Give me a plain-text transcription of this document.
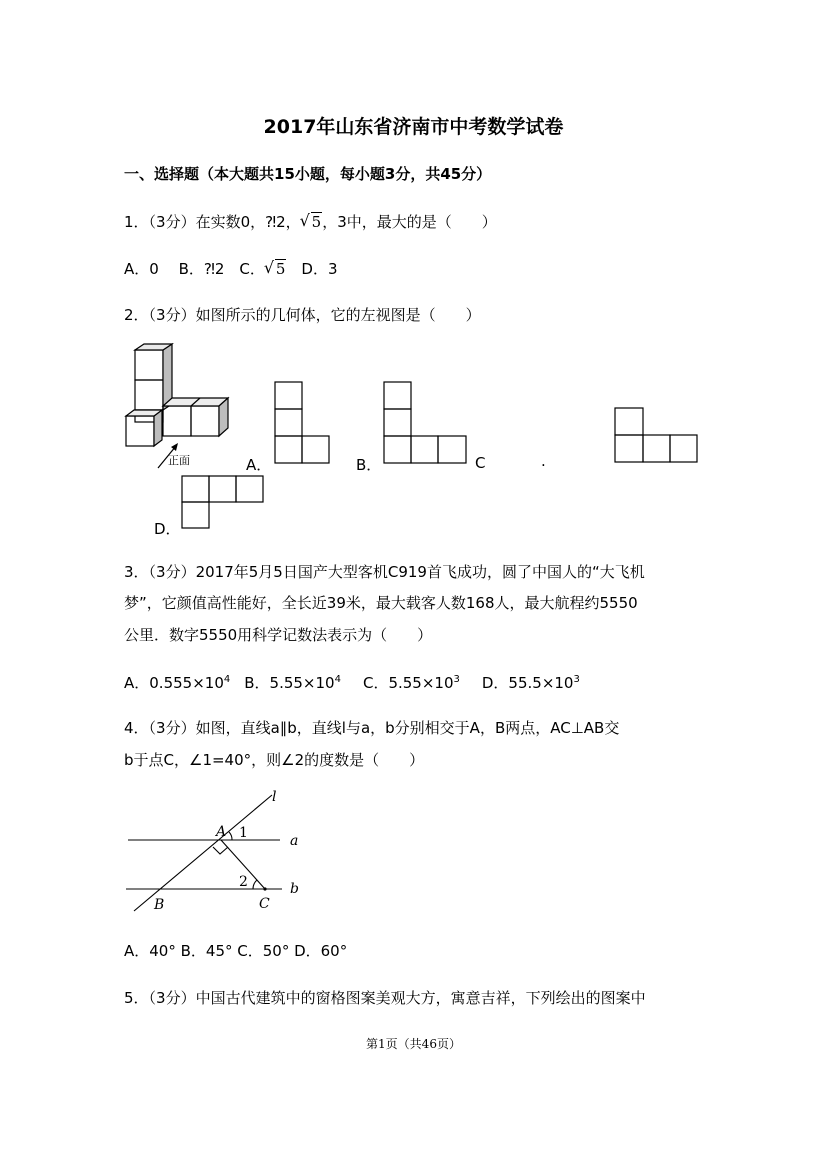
2017年山东省济南市中考数学试卷
一、选择题（本大题共15小题，每小题3分，共45分）
1．（3分）在实数0，⁈2， √ 5，3中，最大的是（　　）
A．0　 B．⁈2　C． √ 5　D．3
2．（3分）如图所示的几何体，它的左视图是（　　）
正面	A．	B．	C	.
D．
3．（3分）2017年5月5日国产大型客机C919首飞成功，圆了中国人的“大飞机
梦”，它颜值高性能好，全长近39米，最大载客人数168人，最大航程约5550
公里．数字5550用科学记数法表示为（　　）
A．$0.555\times 10^4$ B．$5.55\times 10^4$ C．$5.55\times 10^3$ D．$55.5\times 10^3$
4．（3分）如图，直线a∥b，直线l与a，b分别相交于A，B两点，AC⊥AB交
b于点C，∠1=40°，则∠2的度数是（　　）
l
a
b
A
B	C
1
2
A．40° B．45° C．50° D．60°
5．（3分）中国古代建筑中的窗格图案美观大方，寓意吉祥，下列绘出的图案中
第1页（共46页）
